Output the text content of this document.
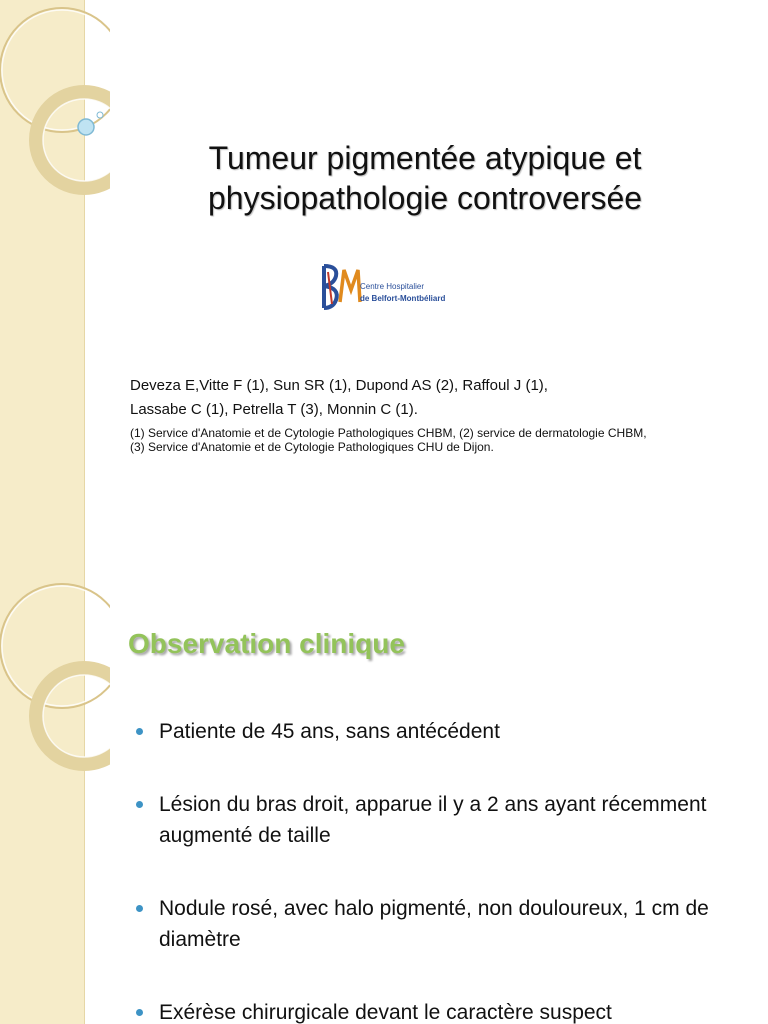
Tumeur pigmentée atypique et
physiopathologie controversée
Centre Hospitalier
de Belfort-Montbéliard

Deveza E,Vitte F (1), Sun SR (1), Dupond AS (2), Raffoul J (1),

Lassabe C (1), Petrella T (3), Monnin C (1).

(1) Service d'Anatomie et de Cytologie Pathologiques CHBM, (2) service de dermatologie CHBM,

(3) Service d'Anatomie et de Cytologie Pathologiques CHU de Dijon.

Observation clinique
Patiente de 45 ans, sans antécédent
Lésion du bras droit, apparue il y a 2 ans ayant récemment augmenté de taille
Nodule rosé, avec halo pigmenté, non douloureux, 1 cm de diamètre
Exérèse chirurgicale devant le caractère suspect
